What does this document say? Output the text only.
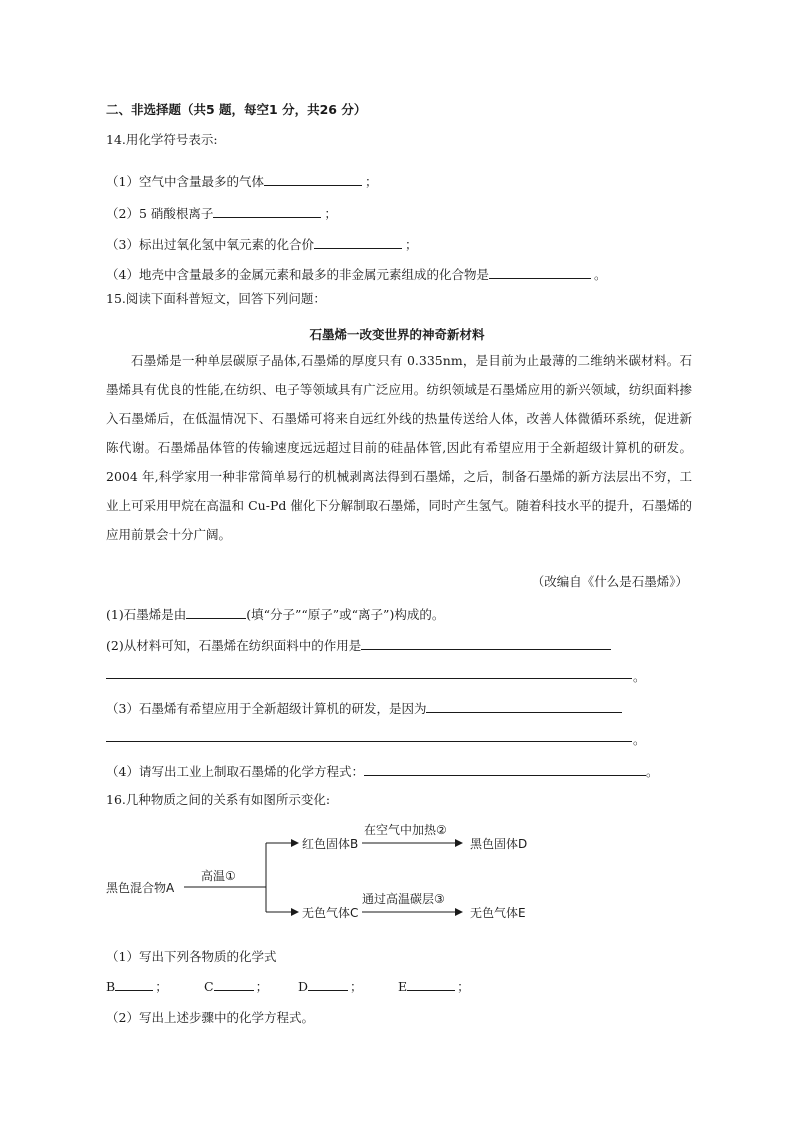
二、非选择题（共5 题，每空1 分，共26 分）
14.用化学符号表示:
（1）空气中含量最多的气体	；
（2）5 硝酸根离子	；
（3）标出过氧化氢中氧元素的化合价	；
（4）地壳中含量最多的金属元素和最多的非金属元素组成的化合物是	。
15.阅读下面科普短文，回答下列问题：
石墨烯一改变世界的神奇新材料

石墨烯是一种单层碳原子晶体,石墨烯的厚度只有 0.335nm，是目前为止最薄的二维纳米碳材料。石墨烯具有优良的性能,在纺织、电子等领域具有广泛应用。纺织领域是石墨烯应用的新兴领域，纺织面料掺入石墨烯后，在低温情况下、石墨烯可将来自远红外线的热量传送给人体，改善人体微循环系统，促进新陈代谢。石墨烯晶体管的传输速度远远超过目前的硅晶体管,因此有希望应用于全新超级计算机的研发。2004 年,科学家用一种非常简单易行的机械剥离法得到石墨烯，之后，制备石墨烯的新方法层出不穷，工业上可采用甲烷在高温和 Cu-Pd 催化下分解制取石墨烯，同时产生氢气。随着科技水平的提升，石墨烯的应用前景会十分广阔。

（改编自《什么是石墨烯》）
(1)石墨烯是由	(填“分子”“原子”或“离子”)构成的。
(2)从材料可知，石墨烯在纺织面料中的作用是
。
（3）石墨烯有希望应用于全新超级计算机的研发，是因为
。
（4）请写出工业上制取石墨烯的化学方程式：	。
16.几种物质之间的关系有如图所示变化:
黑色混合物A
高温①
红色固体B
在空气中加热②
黑色固体D
无色气体C
通过高温碳层③
无色气体E
（1）写出下列各物质的化学式
B	；	C	； D	；	E	；
（2）写出上述步骤中的化学方程式。
